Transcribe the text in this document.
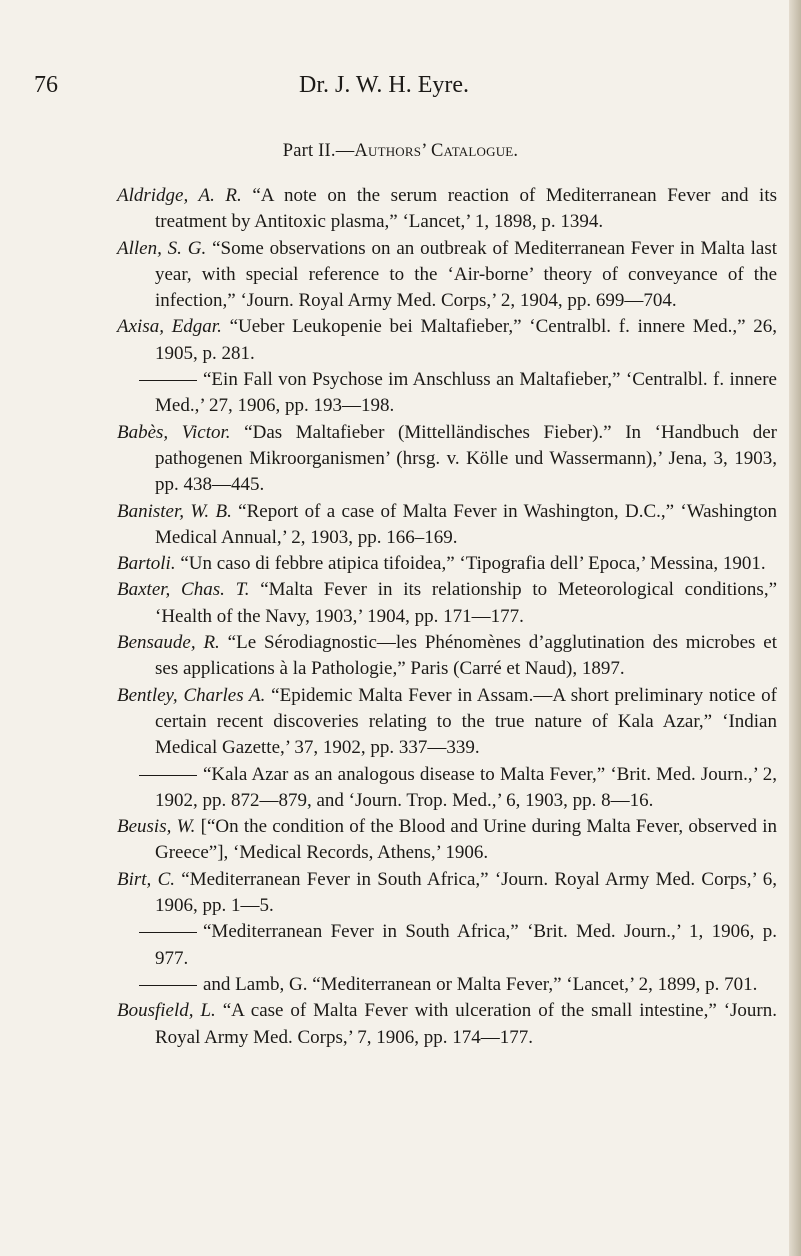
76	Dr. J. W. H. Eyre.
Part II.—Authors’ Catalogue.

Aldridge, A. R. “A note on the serum reaction of Mediterranean Fever and its treatment by Antitoxic plasma,” ‘Lancet,’ 1, 1898, p. 1394.

Allen, S. G. “Some observations on an outbreak of Mediterranean Fever in Malta last year, with special reference to the ‘Air-borne’ theory of conveyance of the infection,” ‘Journ. Royal Army Med. Corps,’ 2, 1904, pp. 699—704.

Axisa, Edgar. “Ueber Leukopenie bei Maltafieber,” ‘Centralbl. f. innere Med.,” 26, 1905, p. 281.

“Ein Fall von Psychose im Anschluss an Maltafieber,” ‘Centralbl. f. innere Med.,’ 27, 1906, pp. 193—198.

Babès, Victor. “Das Maltafieber (Mittelländisches Fieber).” In ‘Handbuch der pathogenen Mikroorganismen’ (hrsg. v. Kölle und Wassermann),’ Jena, 3, 1903, pp. 438—445.

Banister, W. B. “Report of a case of Malta Fever in Washington, D.C.,” ‘Washington Medical Annual,’ 2, 1903, pp. 166–169.

Bartoli. “Un caso di febbre atipica tifoidea,” ‘Tipografia dell’ Epoca,’ Messina, 1901.

Baxter, Chas. T. “Malta Fever in its relationship to Meteorological conditions,” ‘Health of the Navy, 1903,’ 1904, pp. 171—177.

Bensaude, R. “Le Sérodiagnostic—les Phénomènes d’agglutination des microbes et ses applications à la Pathologie,” Paris (Carré et Naud), 1897.

Bentley, Charles A. “Epidemic Malta Fever in Assam.—A short preliminary notice of certain recent discoveries relating to the true nature of Kala Azar,” ‘Indian Medical Gazette,’ 37, 1902, pp. 337—339.

“Kala Azar as an analogous disease to Malta Fever,” ‘Brit. Med. Journ.,’ 2, 1902, pp. 872—879, and ‘Journ. Trop. Med.,’ 6, 1903, pp. 8—16.

Beusis, W. [“On the condition of the Blood and Urine during Malta Fever, observed in Greece”], ‘Medical Records, Athens,’ 1906.

Birt, C. “Mediterranean Fever in South Africa,” ‘Journ. Royal Army Med. Corps,’ 6, 1906, pp. 1—5.

“Mediterranean Fever in South Africa,” ‘Brit. Med. Journ.,’ 1, 1906, p. 977.

and Lamb, G. “Mediterranean or Malta Fever,” ‘Lancet,’ 2, 1899, p. 701.

Bousfield, L. “A case of Malta Fever with ulceration of the small intestine,” ‘Journ. Royal Army Med. Corps,’ 7, 1906, pp. 174—177.
